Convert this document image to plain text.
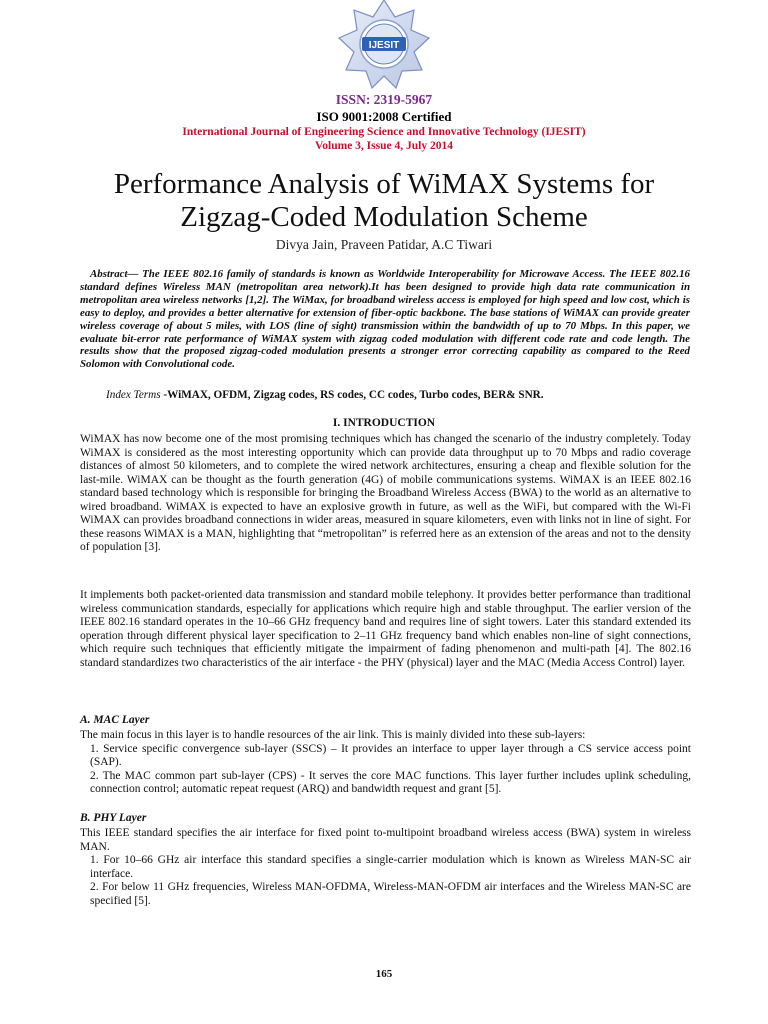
IJESIT
ISSN: 2319-5967
ISO 9001:2008 Certified
International Journal of Engineering Science and Innovative Technology (IJESIT)
Volume 3, Issue 4, July 2014
Performance Analysis of WiMAX Systems for
Zigzag-Coded Modulation Scheme
Divya Jain, Praveen Patidar, A.C Tiwari
Abstract— The IEEE 802.16 family of standards is known as Worldwide Interoperability for Microwave Access. The IEEE 802.16 standard defines Wireless MAN (metropolitan area network).It has been designed to provide high data rate communication in metropolitan area wireless networks [1,2]. The WiMax, for broadband wireless access is employed for high speed and low cost, which is easy to deploy, and provides a better alternative for extension of fiber-optic backbone. The base stations of WiMAX can provide greater wireless coverage of about 5 miles, with LOS (line of sight) transmission within the bandwidth of up to 70 Mbps. In this paper, we evaluate bit-error rate performance of WiMAX system with zigzag coded modulation with different code rate and code length. The results show that the proposed zigzag-coded modulation presents a stronger error correcting capability as compared to the Reed Solomon with Convolutional code.
Index Terms -WiMAX, OFDM, Zigzag codes, RS codes, CC codes, Turbo codes, BER& SNR.
I. INTRODUCTION
WiMAX has now become one of the most promising techniques which has changed the scenario of the industry completely. Today WiMAX is considered as the most interesting opportunity which can provide data throughput up to 70 Mbps and radio coverage distances of almost 50 kilometers, and to complete the wired network architectures, ensuring a cheap and flexible solution for the last-mile. WiMAX can be thought as the fourth generation (4G) of mobile communications systems. WiMAX is an IEEE 802.16 standard based technology which is responsible for bringing the Broadband Wireless Access (BWA) to the world as an alternative to wired broadband. WiMAX is expected to have an explosive growth in future, as well as the WiFi, but compared with the Wi-Fi WiMAX can provides broadband connections in wider areas, measured in square kilometers, even with links not in line of sight. For these reasons WiMAX is a MAN, highlighting that “metropolitan” is referred here as an extension of the areas and not to the density of population [3].
It implements both packet-oriented data transmission and standard mobile telephony. It provides better performance than traditional wireless communication standards, especially for applications which require high and stable throughput. The earlier version of the IEEE 802.16 standard operates in the 10–66 GHz frequency band and requires line of sight towers. Later this standard extended its operation through different physical layer specification to 2–11 GHz frequency band which enables non-line of sight connections, which require such techniques that efficiently mitigate the impairment of fading phenomenon and multi-path [4]. The 802.16 standard standardizes two characteristics of the air interface - the PHY (physical) layer and the MAC (Media Access Control) layer.
A. MAC Layer

The main focus in this layer is to handle resources of the air link. This is mainly divided into these sub-layers:

1. Service specific convergence sub-layer (SSCS) – It provides an interface to upper layer through a CS service access point (SAP).

2. The MAC common part sub-layer (CPS) - It serves the core MAC functions. This layer further includes uplink scheduling, connection control; automatic repeat request (ARQ) and bandwidth request and grant [5].

B. PHY Layer

This IEEE standard specifies the air interface for fixed point to-multipoint broadband wireless access (BWA) system in wireless MAN.

1. For 10–66 GHz air interface this standard specifies a single-carrier modulation which is known as Wireless MAN-SC air interface.

2. For below 11 GHz frequencies, Wireless MAN-OFDMA, Wireless-MAN-OFDM air interfaces and the Wireless MAN-SC are specified [5].

165
